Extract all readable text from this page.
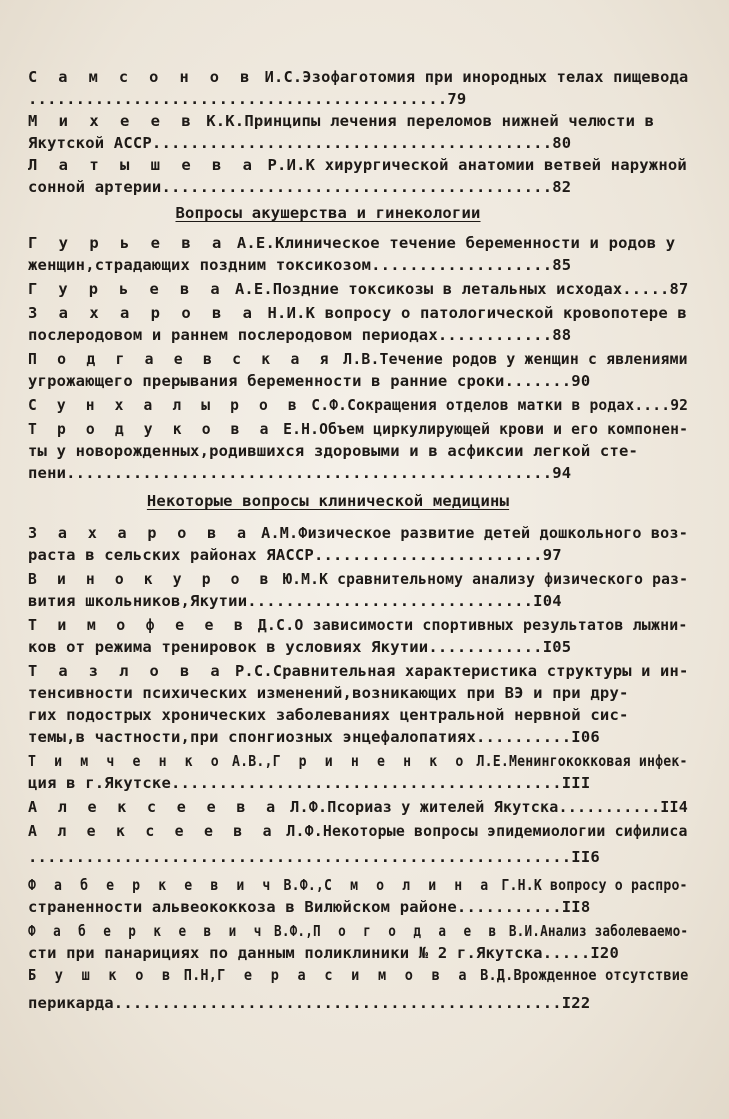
С а м с о н о в И.С.Эзофаготомия при инородных телах пищевода
............................................79
М и х е е в К.К.Принципы лечения переломов нижней челюсти в
Якутской АССР..........................................80
Л а т ы ш е в а Р.И.К хирургической анатомии ветвей наружной
сонной артерии.........................................82
Вопросы акушерства и гинекологии
Г у р ь е в а А.Е.Клиническое течение беременности и родов у
женщин,страдающих поздним токсикозом...................85
Г у р ь е в а А.Е.Поздние токсикозы в летальных исходах.....87
З а х а р о в а Н.И.К вопросу о патологической кровопотере в
послеродовом и раннем послеродовом периодах............88
П о д г а е в с к а я Л.В.Течение родов у женщин с явлениями
угрожающего прерывания беременности в ранние сроки.......90
С у н х а л ы р о в С.Ф.Сокращения отделов матки в родах....92
Т р о д у к о в а Е.Н.Объем циркулирующей крови и его компонен-
ты у новорожденных,родившихся здоровыми и в асфиксии легкой сте-
пени...................................................94
Некоторые вопросы клинической медицины
З а х а р о в а А.М.Физическое развитие детей дошкольного воз-
раста в сельских районах ЯАССР........................97
В и н о к у р о в Ю.М.К сравнительному анализу физического раз-
вития школьников,Якутии..............................I04
Т и м о ф е е в Д.С.О зависимости спортивных результатов лыжни-
ков от режима тренировок в условиях Якутии............I05
Т а з л о в а Р.С.Сравнительная характеристика структуры и ин-
тенсивности психических изменений,возникающих при ВЭ и при дру-
гих подострых хронических заболеваниях центральной нервной сис-
темы,в частности,при спонгиозных энцефалопатиях..........I06
Т и м ч е н к о А.В.,Г р и н е н к о Л.Е.Менингококковая инфек-
ция в г.Якутске.........................................III
А л е к с е е в а Л.Ф.Псориаз у жителей Якутска...........II4
А л е к с е е в а Л.Ф.Некоторые вопросы эпидемиологии сифилиса
.........................................................II6
Ф а б е р к е в и ч В.Ф.,С м о л и н а Г.Н.К вопросу о распро-
страненности альвеококкоза в Вилюйском районе...........II8
Ф а б е р к е в и ч В.Ф.,П о г о д а е в В.И.Анализ заболеваемо-
сти при панарициях по данным поликлиники № 2 г.Якутска.....I20
Б у ш к о в П.Н,Г е р а с и м о в а В.Д.Врожденное отсутствие
перикарда...............................................I22
